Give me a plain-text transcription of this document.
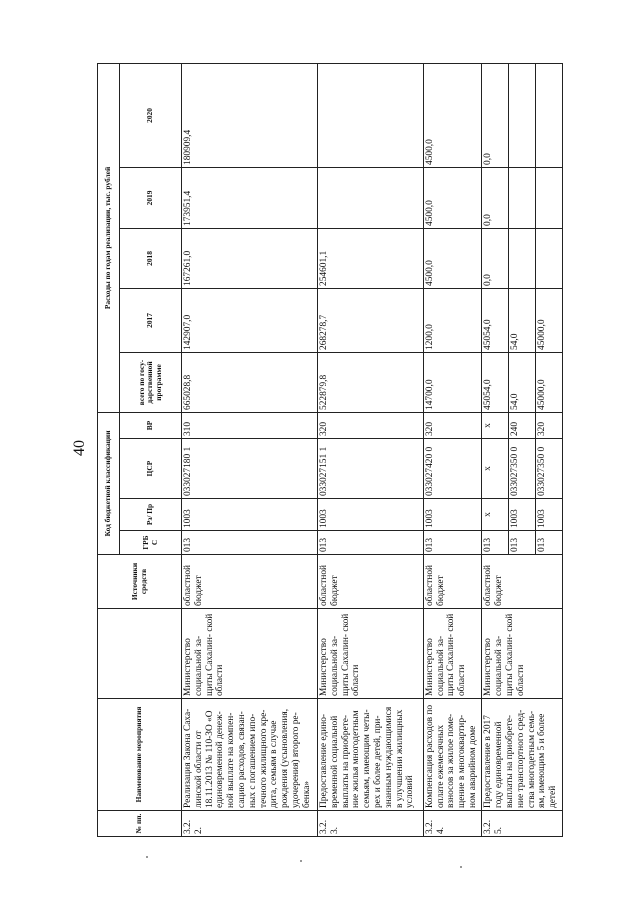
40
№ пп.	Наименование мероприятия		Источники средств	Код бюджетной классификации				Расходы по годам реализации, тыс. рублей				
				ГРБ С	Рз/ Пр	ЦСР	ВР	всего по госу- дарственной программе	2017	2018	2019	2020

3.2. 2.	Реализация Закона Саха- линской области от 18.11.2013 № 110-ЗО «О единовременной денеж- ной выплате на компен- сацию расходов, связан- ных с погашением ипо- течного жилищного кре- дита, семьям в случае рождения (усыновления, удочерения) второго ре- бенка»	Министерство социальной за- щиты Сахалин- ской области	областной бюджет	013	1003	033027180 1	310	665028,8	142907,0	167261,0	173951,4	180909,4
3.2. 3.	Предоставление едино- временной социальной выплаты на приобрете- ние жилья многодетным семьям, имеющим четы- рех и более детей, при- знанным нуждающимися в улучшении жилищных условий	Министерство социальной за- щиты Сахалин- ской области	областной бюджет	013	1003	033027151 1	320	522879,8	268278,7	254601,1		
3.2. 4.	Компенсация расходов по оплате ежемесячных взносов за жилое поме- щение в многоквартир- ном аварийном доме	Министерство социальной за- щиты Сахалин- ской области	областной бюджет	013	1003	033027420 0	320	14700,0	1200,0	4500,0	4500,0	4500,0
3.2. 5.	Предоставление в 2017 году единовременной выплаты на приобрете- ние транспортного сред- ства многодетным семь- ям, имеющим 5 и более детей	Министерство социальной за- щиты Сахалин- ской области	областной бюджет	013	x	x	x	45054,0	45054,0	0,0	0,0	0,0
				013	1003	033027350 0	240	54,0	54,0			
				013	1003	033027350 0	320	45000,0	45000,0			
